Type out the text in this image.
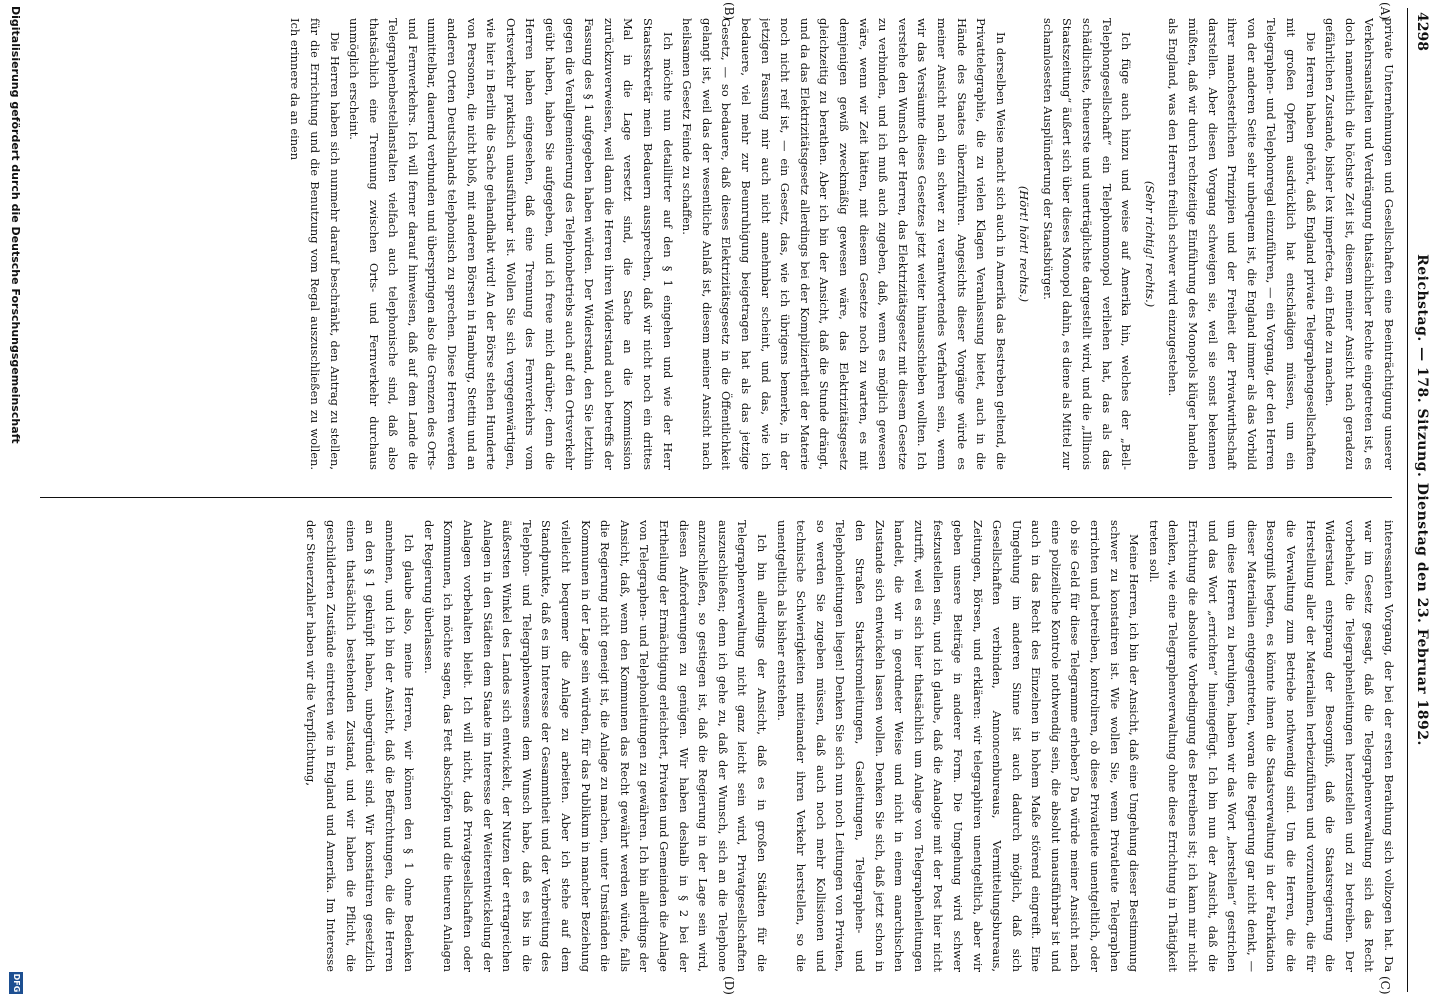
4298
Reichstag. — 178. Sitzung. Dienstag den 23. Februar 1892.
(A)
(B)
(C)
(D)

private Unternehmungen und Gesellschaften eine Beeinträchtigung unserer Verkehrsanstalten und Verdrängung thatsächlicher Rechte eingetreten ist, es doch namentlich die höchste Zeit ist, diesem meiner Ansicht nach geradezu gefährlichen Zustande, bisher lex imperfecta, ein Ende zu machen.

Die Herren haben gehört, daß England private Telegraphengesellschaften mit großen Opfern ausdrücklich hat entschädigen müssen, um ein Telegraphen- und Telephonregal einzuführen, — ein Vorgang, der den Herren von der anderen Seite sehr unbequem ist, die England immer als das Vorbild ihrer manchesterlichen Prinzipien und der Freiheit der Privatwirthschaft darstellen. Aber diesen Vorgang schweigen sie, weil sie sonst bekennen müßten, daß wir durch rechtzeitige Einführung des Monopols klüger handeln als England, was den Herren freilich schwer wird einzugestehen.

(Sehr richtig! rechts.)

Ich füge auch hinzu und weise auf Amerika hin, welches der „Bell-Telephongesellschaft“ ein Telephonmonopol verliehen hat, das als das schädlichste, theuerste und unerträglichste dargestellt wird, und die „Illinois Staatszeitung“ äußert sich über dieses Monopol dahin, es diene als Mittel zur schamlosesten Ausplünderung der Staatsbürger.

(Hört! hört! rechts.)

In derselben Weise macht sich auch in Amerika das Bestreben geltend, die Privattelegraphie, die zu vielen Klagen Veranlassung bietet, auch in die Hände des Staates überzuführen. Angesichts dieser Vorgänge würde es meiner Ansicht nach ein schwer zu verantwortendes Verfahren sein, wenn wir das Versäumte dieses Gesetzes jetzt weiter hinausschieben wollten. Ich verstehe den Wunsch der Herren, das Elektrizitätsgesetz mit diesem Gesetze zu verbinden, und ich muß auch zugeben, daß, wenn es möglich gewesen wäre, wenn wir Zeit hätten, mit diesem Gesetze noch zu warten, es mit demjenigen gewiß zweckmäßig gewesen wäre, das Elektrizitätsgesetz gleichzeitig zu berathen. Aber ich bin der Ansicht, daß die Stunde drängt, und da das Elektrizitätsgesetz allerdings bei der Kompliziertheit der Materie noch nicht reif ist, — ein Gesetz, das, wie ich übrigens bemerke, in der jetzigen Fassung mir auch nicht annehmbar scheint, und das, wie ich bedauere, viel mehr zur Beunruhigung beigetragen hat als das jetzige Gesetz, — so bedauere, daß dieses Elektrizitätsgesetz in die Öffentlichkeit gelangt ist, weil das der wesentliche Anlaß ist, diesem meiner Ansicht nach heilsamen Gesetz Feinde zu schaffen.

Ich möchte nun detaillirter auf den § 1 eingehen und wie der Herr Staatssekretär mein Bedauern aussprechen, daß wir nicht noch ein drittes Mal in die Lage versetzt sind, die Sache an die Kommission zurückzuverweisen, weil dann die Herren ihren Widerstand auch betreffs der Fassung des § 1 aufgegeben haben würden. Der Widerstand, den Sie letzthin gegen die Verallgemeinerung des Telephonbetriebs auch auf den Ortsverkehr geübt haben, haben Sie aufgegeben, und ich freue mich darüber; denn die Herren haben eingesehen, daß eine Trennung des Fernverkehrs vom Ortsverkehr praktisch unausführbar ist. Wollen Sie sich vergegenwärtigen, wie hier in Berlin die Sache gehandhabt wird! An der Börse stehen Hunderte von Personen, die nicht bloß, mit anderen Börsen in Hamburg, Stettin und an anderen Orten Deutschlands telephonisch zu sprechen. Diese Herren werden unmittelbar, dauernd verbunden und überspringen also die Grenzen des Orts- und Fernverkehrs. Ich will ferner darauf hinweisen, daß auf dem Lande die Telegraphenbestellanstalten vielfach auch telephonische sind, daß also thatsächlich eine Trennung zwischen Orts- und Fernverkehr durchaus unmöglich erscheint.

Die Herren haben sich nunmehr darauf beschränkt, den Antrag zu stellen, für die Errichtung und die Benutzung vom Regal auszuschließen zu wollen. Ich erinnere da an einen

interessanten Vorgang, der bei der ersten Berathung sich vollzogen hat. Da war im Gesetz gesagt, daß die Telegraphenverwaltung sich das Recht vorbehalte, die Telegraphenleitungen herzustellen und zu betreiben. Der Widerstand entsprang der Besorgniß, daß die Staatsregierung die Herstellung aller der Materialien herbeizuführen und vorzunehmen, die für die Verwaltung zum Betriebe nothwendig sind. Um die Herren, die die Besorgniß hegten, es könnte ihnen die Staatsverwaltung in der Fabrikation dieser Materialien entgegentreten, woran die Regierung gar nicht denkt, — um diese Herren zu beruhigen, haben wir das Wort „herstellen“ gestrichen und das Wort „errichten“ hineingefügt. Ich bin nun der Ansicht, daß die Errichtung die absolute Vorbedingung des Betreibens ist; ich kann mir nicht denken, wie eine Telegraphenverwaltung ohne diese Errichtung in Thätigkeit treten soll.

Meine Herren, ich bin der Ansicht, daß eine Umgehung dieser Bestimmung schwer zu konstatiren ist. Wie wollen Sie, wenn Privatleute Telegraphen errichten und betreiben, kontroliren, ob diese Privatleute unentgeltlich, oder ob sie Geld für diese Telegramme erheben? Da würde meiner Ansicht nach eine polizeiliche Kontrole nothwendig sein, die absolut unausführbar ist und auch in das Recht des Einzelnen in hohem Maße störend eingreift. Eine Umgehung im anderen Sinne ist auch dadurch möglich, daß sich Gesellschaften verbinden, Annoncenbureaus, Vermittelungsbureaus, Zeitungen, Börsen, und erklären: wir telegraphiren unentgeltlich, aber wir geben unsere Beiträge in anderer Form. Die Umgehung wird schwer festzustellen sein, und ich glaube, daß die Analogie mit der Post hier nicht zutrifft, weil es sich hier thatsächlich um Anlage von Telegraphenleitungen handelt, die wir in geordneter Weise und nicht in einem anarchischen Zustande sich entwickeln lassen wollen. Denken Sie sich, daß jetzt schon in den Straßen Starkstromleitungen, Gasleitungen, Telegraphen- und Telephonleitungen liegen! Denken Sie sich nun noch Leitungen von Privaten, so werden Sie zugeben müssen, daß auch noch mehr Kollisionen und technische Schwierigkeiten miteinander ihren Verkehr herstellen, so die unentgeltlich als bisher entstehen.

Ich bin allerdings der Ansicht, daß es in großen Städten für die Telegraphenverwaltung nicht ganz leicht sein wird, Privatgesellschaften auszuschließen; denn ich gehe zu, daß der Wunsch, sich an die Telephone anzuschließen, so gestiegen ist, daß die Regierung in der Lage sein wird, diesen Anforderungen zu genügen. Wir haben deshalb in § 2 bei der Ertheilung der Ermächtigung erleichtert, Privaten und Gemeinden die Anlage von Telegraphen- und Telephonleitungen zu gewähren. Ich bin allerdings der Ansicht, daß, wenn den Kommunen das Recht gewährt werden würde, falls die Regierung nicht geneigt ist, die Anlage zu machen, unter Umständen die Kommunen in der Lage sein würden, für das Publikum in mancher Beziehung vielleicht bequemer die Anlage zu arbeiten. Aber ich stehe auf dem Standpunkte, daß es im Interesse der Gesammtheit und der Verbreitung des Telephon- und Telegraphenwesens dem Wunsch habe, daß es bis in die äußersten Winkel des Landes sich entwickelt, der Nutzen der ertragreichen Anlagen in den Städten dem Staate im Interesse der Weiterentwickelung der Anlagen vorbehalten bleibt. Ich will nicht, daß Privatgesellschaften oder Kommunen, ich möchte sagen, das Fett abschöpfen und die theuren Anlagen der Regierung überlassen.

Ich glaube also, meine Herren, wir können den § 1 ohne Bedenken annehmen, und ich bin der Ansicht, daß die Befürchtungen, die die Herren an den § 1 geknüpft haben, unbegründet sind. Wir konstatiren gesetzlich einen thatsächlich bestehenden Zustand, und wir haben die Pflicht, die geschilderten Zustände eintreten wie in England und Amerika. Im Interesse der Steuerzahler haben wir die Verpflichtung,

Digitalisierung gefördert durch die Deutsche Forschungsgemeinschaft
DFG
